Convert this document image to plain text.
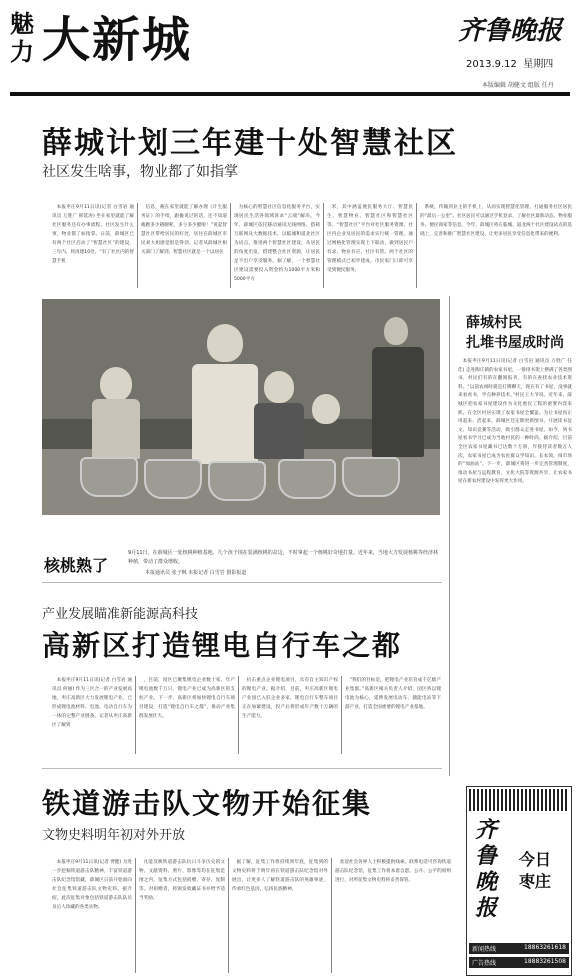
魅力 大新城	齐鲁晚报
2013.9.12 星期四
本版编辑 胡健文 组版 任丹
薛城计划三年建十处智慧社区
社区发生啥事，物业都了如指掌

本报枣庄9月11日讯(记者 白雪岩 通讯员 万胜广 韩延涛) 坐在家里就能了解社区服务还有办事流程、社区发生什么事，物业都了如指掌。日前，薛城区已有两个社区启动了“智慧社区”的建设，三年内，将再建10处。“有了社区内的智慧手机

信息，俺在家里就能了解办理《计生服务证》的手续，跟俺说过的话，还不知道俺跑多少趟腿呢，多亏多少腿啦！”说起智慧社区带给居民的好处，居住在薛城区市民刘大姐感觉很是得劲。记者从薛城区相关部门了解到，智慧社区就是一个以居住

为核心的智慧社区信息化服务平台，实现居民生活各领域诉求“云端”解决。今年，薛城区依托移动通讯无线网络、搭载互联网及大数据技术，以临城和道北社区为试点，推进两个智慧社区建设，从居民的角度出发，搭建整合社区资源，让居民足不出户享受服务。据了解，一个智慧社区建设需要投入资金约为1000平方米和5000平方

米，其中涵盖便民服务大厅、智慧民生、智慧物业、智慧社区和智慧社区等。“智慧社区”平台对社区服务资源、社区内企业及居民的需求实行统一管理，通过网格化管理实现上下联动，做到居民户有求、物业有应、社区有管。两个社区的管理模式已初步建成。市民家门口即可享受到便民服务。

系统，传输到业主的手机上，从而实现智慧化管理，打通服务社区居民的“最后一公里”。社区居民可以通过手机登录，了解社区最新动态、物业服务、便民商家等信息。今年，薛城区将在临城、道北两个社区建设试点的基础上，完善和推广智慧社区建设，让更多居民享受信息化带来的便利。

核桃熟了
9月11日，在薛城区一处核桃种植基地，几个孩子围在装满核桃的盆边，不时拿起一个核桃好奇地打量。近年来，当地大力发展核桃等经济林种植，带动了群众增收。
本报通讯员 张子枫 本报记者 白雪岩 摄影报道
薛城村民
扎堆书屋成时尚

本报枣庄9月11日讯(记者 白雪岩 通讯员 万胜广 任佳) 走进陶庄镇的农家书屋，一排排书架上摆满了各类图书，村民们有的在翻阅报刊，有的在查找农业技术资料。“以前农闲时就是打牌聊天，现在有了书屋，没事就来看看书，学点种养技术。”村民王大爷说。近年来，薛城区把农家书屋建设作为文化惠民工程的重要内容来抓，在全区村居实现了农家书屋全覆盖。为让书屋真正用起来、活起来，薛城区还定期更新图书，开展读书征文、知识竞赛等活动，吸引群众走进书屋。如今，到书屋看书学习已成为当地村民的一种时尚。据介绍，目前全区农家书屋藏书已达数十万册，年接待读者数万人次，农家书屋已成为农民群众学知识、长本领、闯市场的“加油站”。下一步，薛城区将进一步完善管理制度，推动书屋与远程教育、文化大院等资源共享，让农家书屋在新农村建设中发挥更大作用。

产业发展瞄准新能源高科技
高新区打造锂电自行车之都

本报枣庄9月11日讯(记者 白雪岩 通讯员 何丽) 作为三区合一的产业发展高地，枣庄高新区大力发展锂电产业，已形成锂电池材料、电池、电动自行车为一体的完整产业链条。记者从枣庄高新区了解到

，目前，园区已聚集锂电企业数十家，年产锂电池数千万只，锂电产业已成为高新区的支柱产业。下一步，高新区将加快锂电自行车项目建设，打造“锂电自行车之都”，推动产业集群发展壮大。

抗击重点企业锂电项目，具有自主知识产权的锂电产业。据介绍，目前，枣庄高新区锂电产业园已入驻企业多家，锂电自行车整车项目正在加紧建设，投产后将形成年产数十万辆的生产能力。

“我们的目标是，把锂电产业培育成千亿级产业集群。”高新区相关负责人介绍，园区将以锂电池为核心，延伸发展电动车、储能电站等下游产业，打造全国重要的锂电产业基地。

铁道游击队文物开始征集
文物史料明年初对外开放

本报枣庄9月11日讯(记者 贾健) 为进一步挖掘铁道游击队精神，丰富铁道游击队纪念馆馆藏，薛城区日前开始面向社会征集铁道游击队文物史料。据介绍，此次征集对象包括铁道游击队队员及后人珍藏的各类实物。

凡能反映铁道游击队抗日斗争历史的文物、文献资料、照片、影像等均在征集范围之内，征集方式包括捐赠、寄存、复制等。对捐赠者，将颁发收藏证书并给予适当奖励。

据了解，征集工作将持续到年底，征集到的文物史料将于明年初在铁道游击队纪念馆对外展出，让更多人了解铁道游击队的英雄事迹，传承红色基因，弘扬民族精神。

欢迎社会各界人士积极提供线索。联系电话可咨询铁道游击队纪念馆，征集工作将本着自愿、公开、公平的原则进行，对所征集文物史料将妥善保管。

齐鲁晚报
今日
枣庄
新闻热线	18863261618
广告热线	18883261508
